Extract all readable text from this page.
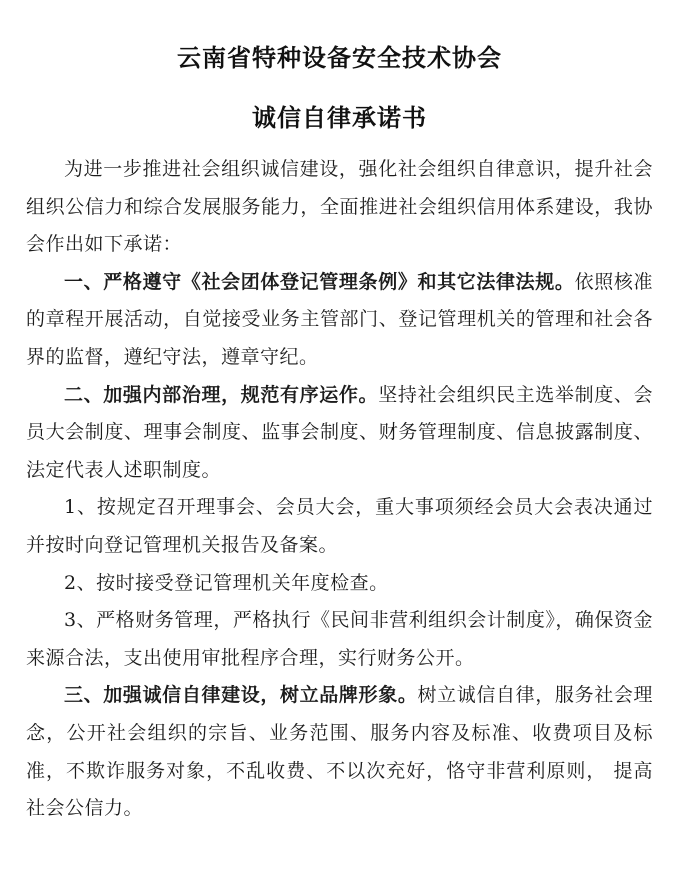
云南省特种设备安全技术协会
诚信自律承诺书

为进一步推进社会组织诚信建设，强化社会组织自律意识，提升社会组织公信力和综合发展服务能力，全面推进社会组织信用体系建设，我协会作出如下承诺：

一、严格遵守《社会团体登记管理条例》和其它法律法规。依照核准的章程开展活动，自觉接受业务主管部门、登记管理机关的管理和社会各界的监督，遵纪守法，遵章守纪。

二、加强内部治理，规范有序运作。坚持社会组织民主选举制度、会员大会制度、理事会制度、监事会制度、财务管理制度、信息披露制度、法定代表人述职制度。

1、按规定召开理事会、会员大会，重大事项须经会员大会表决通过并按时向登记管理机关报告及备案。

2、按时接受登记管理机关年度检查。

3、严格财务管理，严格执行《民间非营利组织会计制度》，确保资金来源合法，支出使用审批程序合理，实行财务公开。

三、加强诚信自律建设，树立品牌形象。树立诚信自律，服务社会理念，公开社会组织的宗旨、业务范围、服务内容及标准、收费项目及标准，不欺诈服务对象，不乱收费、不以次充好，恪守非营利原则， 提高社会公信力。
